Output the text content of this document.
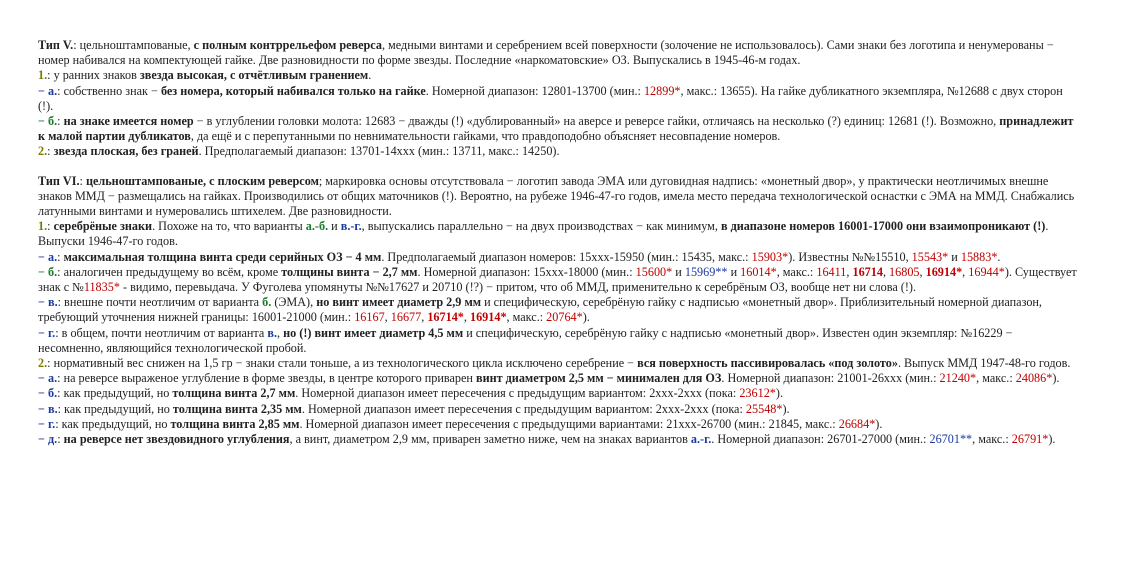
Тип V.: цельноштампованые, с полным контррельефом реверса, медными винтами и серебрением всей поверхности (золочение не использовалось). Сами знаки без логотипа и ненумерованы − номер набивался на компектующей гайке. Две разновидности по форме звезды. Последние «наркоматовские» ОЗ. Выпускались в 1945-46-м годах.

1.: у ранних знаков звезда высокая, с отчётливым гранением.

− а.: собственно знак − без номера, который набивался только на гайке. Номерной диапазон: 12801-13700 (мин.: 12899*, макс.: 13655). На гайке дубликатного экземпляра, №12688 с двух сторон (!).

− б.: на знаке имеется номер − в углублении головки молота: 12683 − дважды (!) «дублированный» на аверсе и реверсе гайки, отличаясь на несколько (?) единиц: 12681 (!). Возможно, принадлежит к малой партии дубликатов, да ещё и с перепутанными по невнимательности гайками, что правдоподобно объясняет несовпадение номеров.

2.: звезда плоская, без граней. Предполагаемый диапазон: 13701-14ххх (мин.: 13711, макс.: 14250).

Тип VI.: цельноштампованые, с плоским реверсом; маркировка основы отсутствовала − логотип завода ЭМА или дуговидная надпись: «монетный двор», у практически неотличимых внешне знаков ММД − размещались на гайках. Производились от общих маточников (!). Вероятно, на рубеже 1946-47-го годов, имела место передача технологической оснастки с ЭМА на ММД. Снабжались латунными винтами и нумеровались штихелем. Две разновидности.

1.: серебрёные знаки. Похоже на то, что варианты а.-б. и в.-г., выпускались параллельно − на двух производствах − как минимум, в диапазоне номеров 16001-17000 они взаимопроникают (!). Выпуски 1946-47-го годов.

− а.: максимальная толщина винта среди серийных ОЗ − 4 мм. Предполагаемый диапазон номеров: 15ххх-15950 (мин.: 15435, макс.: 15903*). Известны №№15510, 15543* и 15883*.

− б.: аналогичен предыдущему во всём, кроме толщины винта − 2,7 мм. Номерной диапазон: 15ххх-18000 (мин.: 15600* и 15969** и 16014*, макс.: 16411, 16714, 16805, 16914*, 16944*). Существует знак с №11835* - видимо, перевыдача. У Фуголева упомянуты №№17627 и 20710 (!?) − притом, что об ММД, применительно к серебрёным ОЗ, вообще нет ни слова (!).

− в.: внешне почти неотличим от варианта б. (ЭМА), но винт имеет диаметр 2,9 мм и специфическую, серебрёную гайку с надписью «монетный двор». Приблизительный номерной диапазон, требующий уточнения нижней границы: 16001-21000 (мин.: 16167, 16677, 16714*, 16914*, макс.: 20764*).

− г.: в общем, почти неотличим от варианта в., но (!) винт имеет диаметр 4,5 мм и специфическую, серебрёную гайку с надписью «монетный двор». Известен один экземпляр: №16229 − несомненно, являющийся технологической пробой.

2.: нормативный вес снижен на 1,5 гр − знаки стали тоньше, а из технологического цикла исключено серебрение − вся поверхность пассивировалась «под золото». Выпуск ММД 1947-48-го годов.

− а.: на реверсе выраженое углубление в форме звезды, в центре которого приварен винт диаметром 2,5 мм − минимален для ОЗ. Номерной диапазон: 21001-26ххх (мин.: 21240*, макс.: 24086*).

− б.: как предыдущий, но толщина винта 2,7 мм. Номерной диапазон имеет пересечения с предыдущим вариантом: 2ххх-2ххх (пока: 23612*).

− в.: как предыдущий, но толщина винта 2,35 мм. Номерной диапазон имеет пересечения с предыдущим вариантом: 2ххх-2ххх (пока: 25548*).

− г.: как предыдущий, но толщина винта 2,85 мм. Номерной диапазон имеет пересечения с предыдущими вариантами: 21ххх-26700 (мин.: 21845, макс.: 26684*).

− д.: на реверсе нет звездовидного углубления, а винт, диаметром 2,9 мм, приварен заметно ниже, чем на знаках вариантов а.-г.. Номерной диапазон: 26701-27000 (мин.: 26701**, макс.: 26791*).
